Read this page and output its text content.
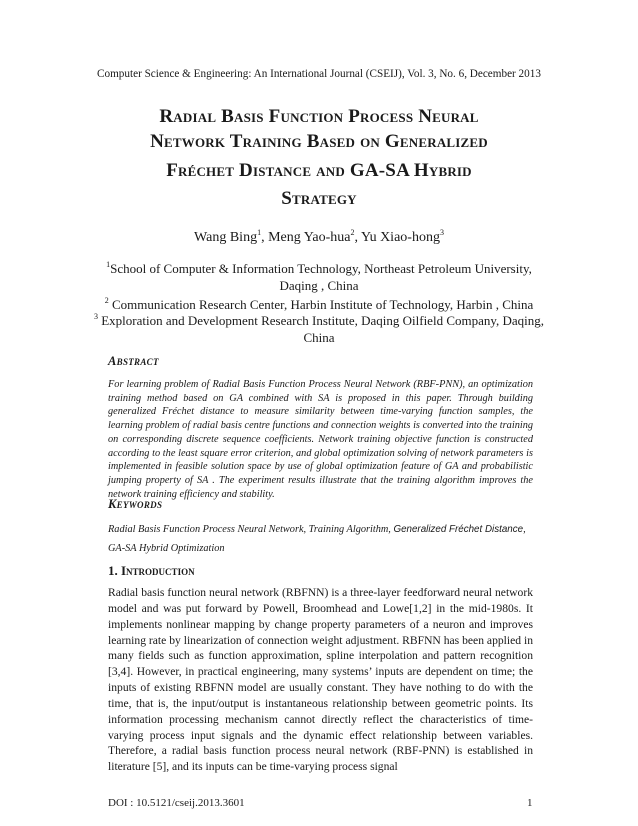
Computer Science & Engineering: An International Journal (CSEIJ), Vol. 3, No. 6, December 2013
Radial Basis Function Process Neural
Network Training Based on Generalized
Fréchet Distance and GA-SA Hybrid
Strategy
Wang Bing$^1$, Meng Yao-hua$^2$, Yu Xiao-hong$^3$
$^1$School of Computer & Information Technology, Northeast Petroleum University,
Daqing , China
$^2$ Communication Research Center, Harbin Institute of Technology, Harbin , China
$^3$ Exploration and Development Research Institute, Daqing Oilfield Company, Daqing,
China
Abstract
For learning problem of Radial Basis Function Process Neural Network (RBF-PNN), an optimization training method based on GA combined with SA is proposed in this paper. Through building generalized Fréchet distance to measure similarity between time-varying function samples, the learning problem of radial basis centre functions and connection weights is converted into the training on corresponding discrete sequence coefficients. Network training objective function is constructed according to the least square error criterion, and global optimization solving of network parameters is implemented in feasible solution space by use of global optimization feature of GA and probabilistic jumping property of SA . The experiment results illustrate that the training algorithm improves the network training efficiency and stability.
Keywords
Radial Basis Function Process Neural Network, Training Algorithm, Generalized Fréchet Distance, GA-SA Hybrid Optimization
1. Introduction
Radial basis function neural network (RBFNN) is a three-layer feedforward neural network model and was put forward by Powell, Broomhead and Lowe[1,2] in the mid-1980s. It implements nonlinear mapping by change property parameters of a neuron and improves learning rate by linearization of connection weight adjustment. RBFNN has been applied in many fields such as function approximation, spline interpolation and pattern recognition [3,4]. However, in practical engineering, many systems’ inputs are dependent on time; the inputs of existing RBFNN model are usually constant. They have nothing to do with the time, that is, the input/output is instantaneous relationship between geometric points. Its information processing mechanism cannot directly reflect the characteristics of time-varying process input signals and the dynamic effect relationship between variables. Therefore, a radial basis function process neural network (RBF-PNN) is established in literature [5], and its inputs can be time-varying process signal
DOI : 10.5121/cseij.2013.3601	1
